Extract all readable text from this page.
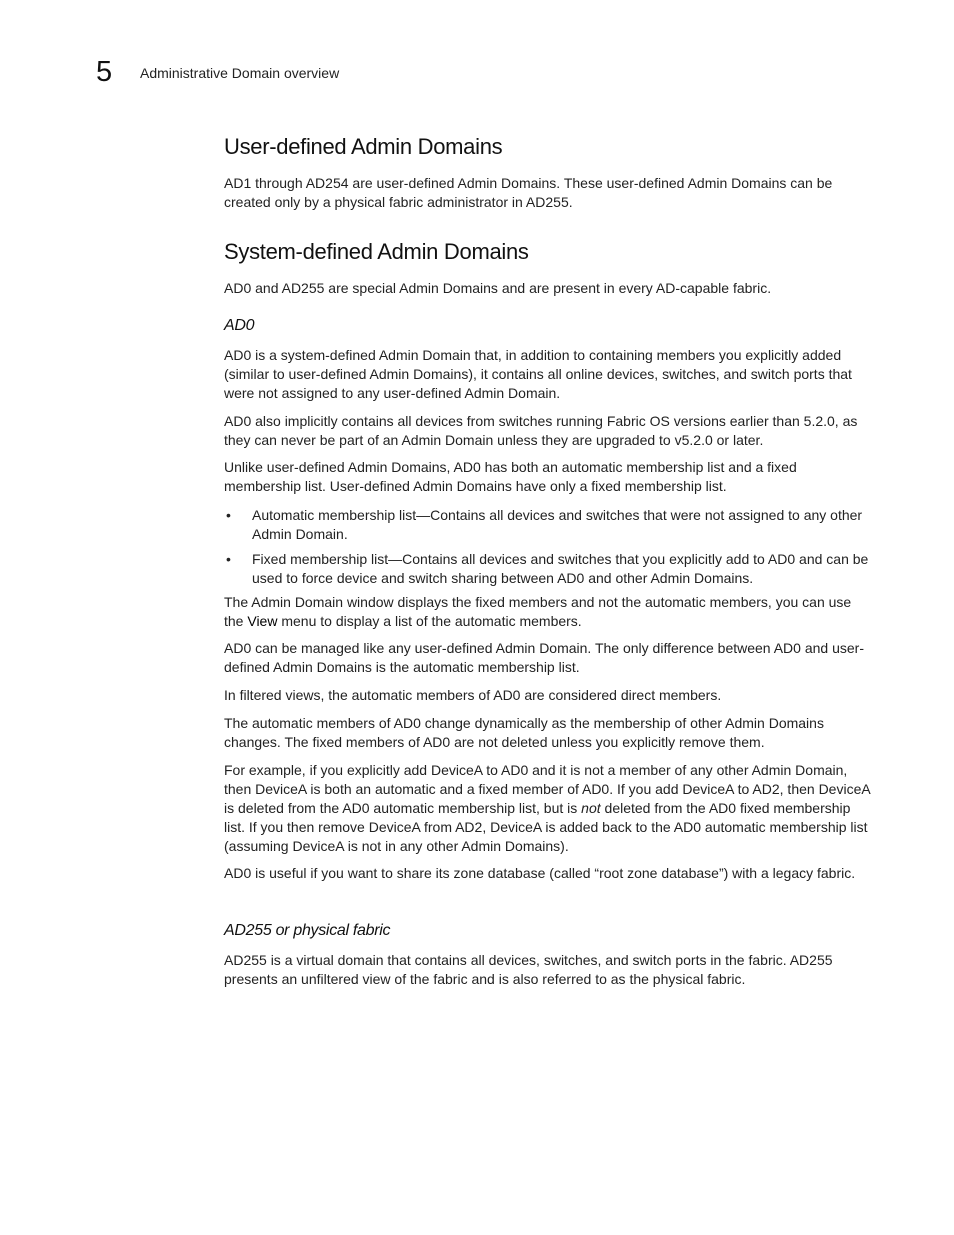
5 Administrative Domain overview
User-defined Admin Domains

AD1 through AD254 are user-defined Admin Domains. These user-defined Admin Domains can be created only by a physical fabric administrator in AD255.

System-defined Admin Domains

AD0 and AD255 are special Admin Domains and are present in every AD-capable fabric.

AD0

AD0 is a system-defined Admin Domain that, in addition to containing members you explicitly added (similar to user-defined Admin Domains), it contains all online devices, switches, and switch ports that were not assigned to any user-defined Admin Domain.

AD0 also implicitly contains all devices from switches running Fabric OS versions earlier than 5.2.0, as they can never be part of an Admin Domain unless they are upgraded to v5.2.0 or later.

Unlike user-defined Admin Domains, AD0 has both an automatic membership list and a fixed membership list. User-defined Admin Domains have only a fixed membership list.

• Automatic membership list—Contains all devices and switches that were not assigned to any other Admin Domain.
• Fixed membership list—Contains all devices and switches that you explicitly add to AD0 and can be used to force device and switch sharing between AD0 and other Admin Domains.

The Admin Domain window displays the fixed members and not the automatic members, you can use the View menu to display a list of the automatic members.

AD0 can be managed like any user-defined Admin Domain. The only difference between AD0 and user-defined Admin Domains is the automatic membership list.

In filtered views, the automatic members of AD0 are considered direct members.

The automatic members of AD0 change dynamically as the membership of other Admin Domains changes. The fixed members of AD0 are not deleted unless you explicitly remove them.

For example, if you explicitly add DeviceA to AD0 and it is not a member of any other Admin Domain, then DeviceA is both an automatic and a fixed member of AD0. If you add DeviceA to AD2, then DeviceA is deleted from the AD0 automatic membership list, but is not deleted from the AD0 fixed membership list. If you then remove DeviceA from AD2, DeviceA is added back to the AD0 automatic membership list (assuming DeviceA is not in any other Admin Domains).

AD0 is useful if you want to share its zone database (called “root zone database”) with a legacy fabric.

AD255 or physical fabric

AD255 is a virtual domain that contains all devices, switches, and switch ports in the fabric. AD255 presents an unfiltered view of the fabric and is also referred to as the physical fabric.
